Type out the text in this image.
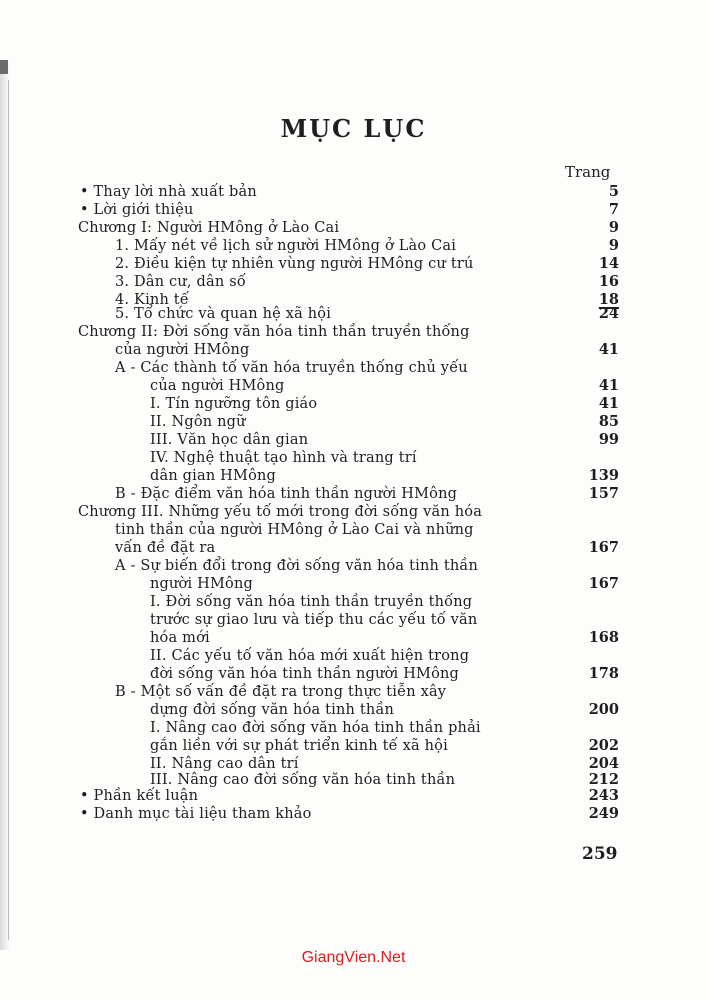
MỤC LỤC
Trang
• Thay lời nhà xuất bản	5
• Lời giới thiệu	7
Chương I: Người HMông ở Lào Cai	9
1. Mấy nét về lịch sử người HMông ở Lào Cai	9
2. Điều kiện tự nhiên vùng người HMông cư trú	14
3. Dân cư, dân số	16
4. Kinh tế	18
5. Tổ chức và quan hệ xã hội	24
Chương II: Đời sống văn hóa tinh thần truyền thống
của người HMông	41
A - Các thành tố văn hóa truyền thống chủ yếu
của người HMông	41
I. Tín ngưỡng tôn giáo	41
II. Ngôn ngữ	85
III. Văn học dân gian	99
IV. Nghệ thuật tạo hình và trang trí
dân gian HMông	139
B - Đặc điểm văn hóa tinh thần người HMông	157
Chương III. Những yếu tố mới trong đời sống văn hóa
tinh thần của người HMông ở Lào Cai và những
vấn đề đặt ra	167
A - Sự biến đổi trong đời sống văn hóa tinh thần
người HMông	167
I. Đời sống văn hóa tinh thần truyền thống
trước sự giao lưu và tiếp thu các yếu tố văn
hóa mới	168
II. Các yếu tố văn hóa mới xuất hiện trong
đời sống văn hóa tinh thần người HMông	178
B - Một số vấn đề đặt ra trong thực tiễn xây
dựng đời sống văn hóa tinh thần	200
I. Nâng cao đời sống văn hóa tinh thần phải
gắn liền với sự phát triển kinh tế xã hội	202
II. Nâng cao dân trí	204
III. Nâng cao đời sống văn hóa tinh thần	212
• Phần kết luận	243
• Danh mục tài liệu tham khảo	249
259
GiangVien.Net
